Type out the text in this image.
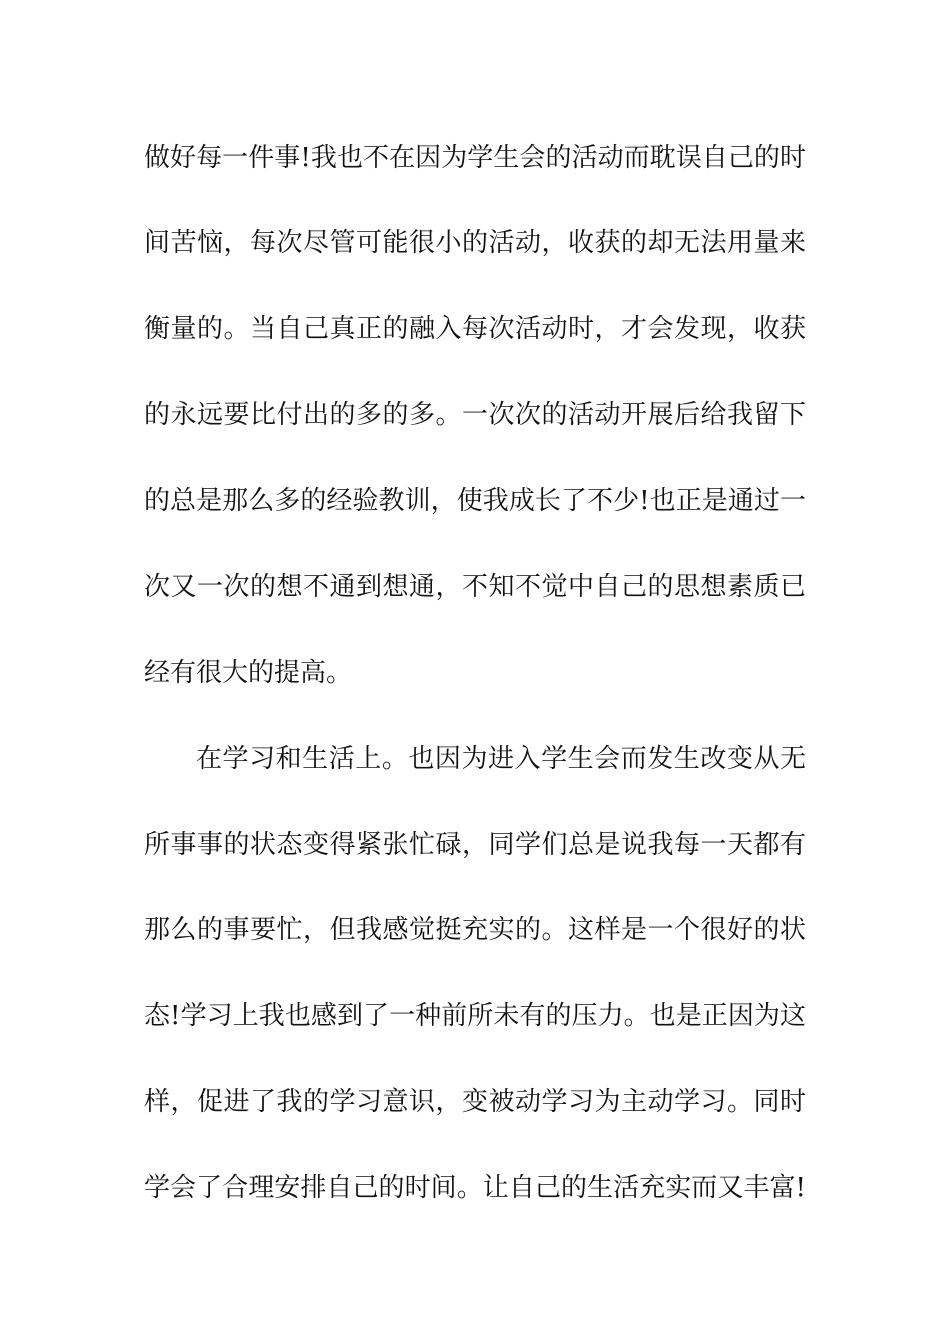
做好每一件事!我也不在因为学生会的活动而耽误自己的时
间苦恼，每次尽管可能很小的活动，收获的却无法用量来
衡量的。当自己真正的融入每次活动时，才会发现，收获
的永远要比付出的多的多。一次次的活动开展后给我留下
的总是那么多的经验教训，使我成长了不少!也正是通过一
次又一次的想不通到想通，不知不觉中自己的思想素质已
经有很大的提高。
在学习和生活上。也因为进入学生会而发生改变从无
所事事的状态变得紧张忙碌，同学们总是说我每一天都有
那么的事要忙，但我感觉挺充实的。这样是一个很好的状
态!学习上我也感到了一种前所未有的压力。也是正因为这
样，促进了我的学习意识，变被动学习为主动学习。同时
学会了合理安排自己的时间。让自己的生活充实而又丰富!
